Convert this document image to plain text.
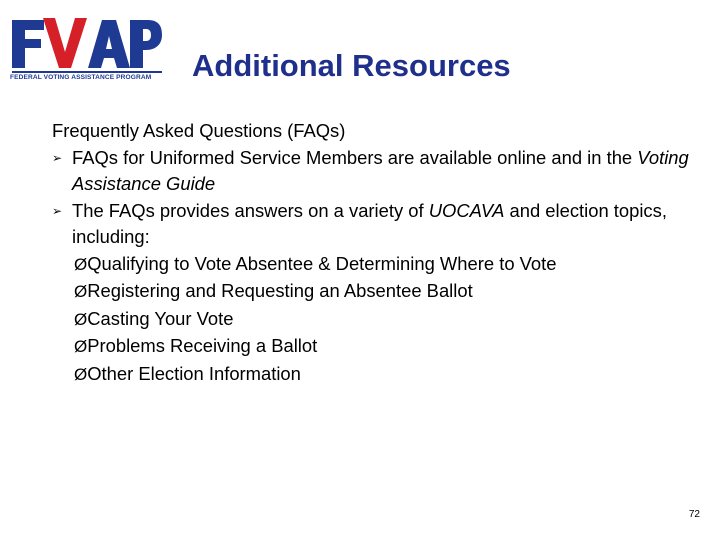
FEDERAL VOTING ASSISTANCE PROGRAM	Additional Resources
Frequently Asked Questions (FAQs)
➢ FAQs for Uniformed Service Members are available online and in the Voting Assistance Guide
➢ The FAQs provides answers on a variety of UOCAVA and election topics, including:
ØQualifying to Vote Absentee & Determining Where to Vote
ØRegistering and Requesting an Absentee Ballot
ØCasting Your Vote
ØProblems Receiving a Ballot
ØOther Election Information
72
